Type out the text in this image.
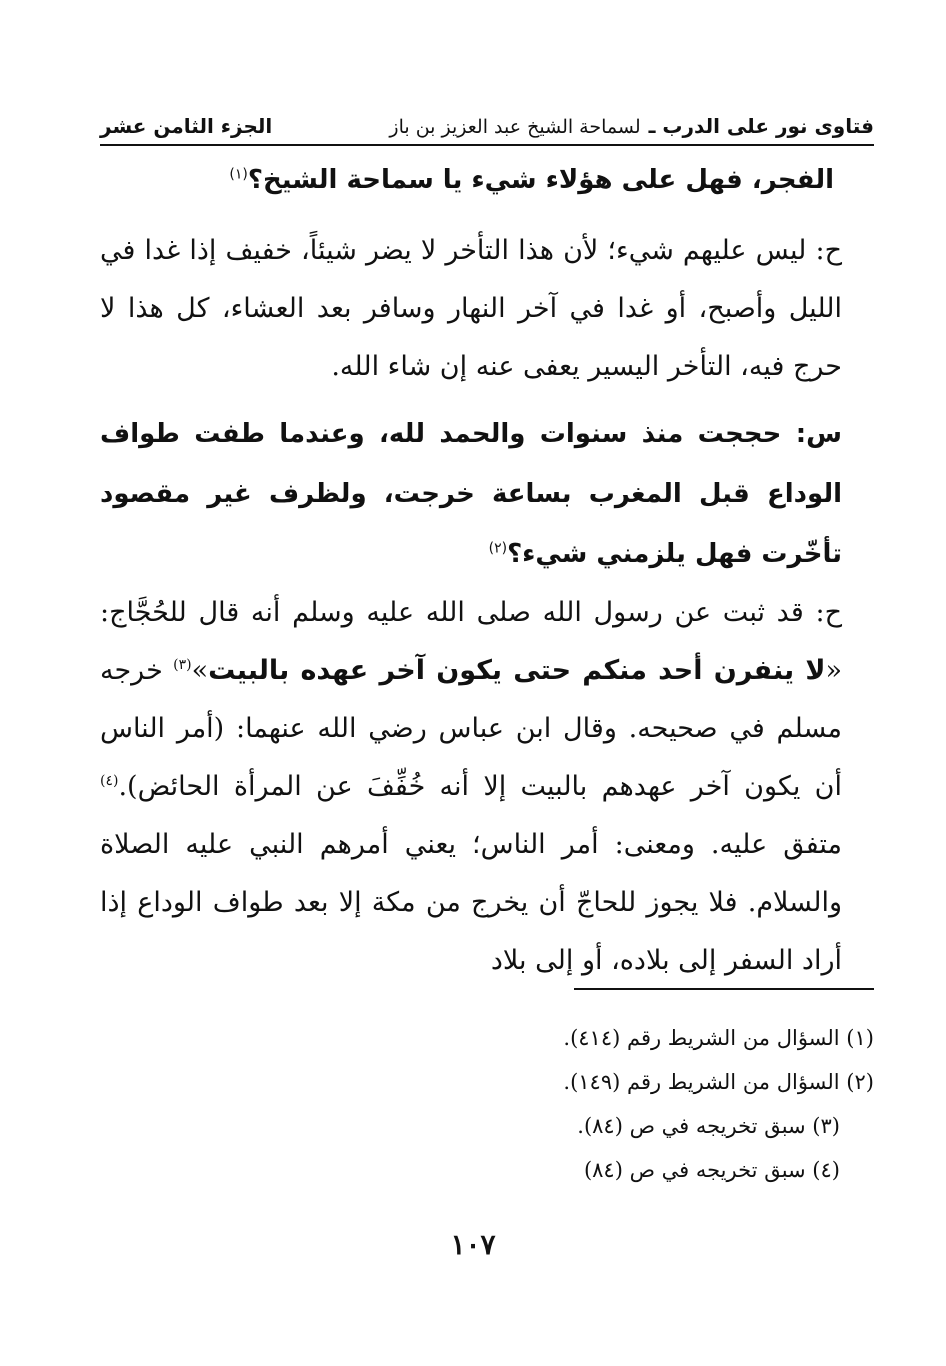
فتاوى نور على الدرب ـ
لسماحة الشيخ عبد العزيز بن باز
الجزء الثامن عشر

الفجر، فهل على هؤلاء شيء يا سماحة الشيخ؟$^{(١)}$

ح: ليس عليهم شيء؛ لأن هذا التأخر لا يضر شيئاً، خفيف إذا غدا في الليل وأصبح، أو غدا في آخر النهار وسافر بعد العشاء، كل هذا لا حرج فيه، التأخر اليسير يعفى عنه إن شاء الله.

س: حججت منذ سنوات والحمد لله، وعندما طفت طواف الوداع قبل المغرب بساعة خرجت، ولظرف غير مقصود تأخّرت فهل يلزمني شيء؟$^{(٢)}$

ح: قد ثبت عن رسول الله صلى الله عليه وسلم أنه قال للحُجَّاج: «لا ينفرن أحد منكم حتى يكون آخر عهده بالبيت»$^{(٣)}$ خرجه مسلم في صحيحه. وقال ابن عباس رضي الله عنهما: (أمر الناس أن يكون آخر عهدهم بالبيت إلا أنه خُفِّفَ عن المرأة الحائض).$^{(٤)}$ متفق عليه. ومعنى: أمر الناس؛ يعني أمرهم النبي عليه الصلاة والسلام. فلا يجوز للحاجّ أن يخرج من مكة إلا بعد طواف الوداع إذا أراد السفر إلى بلاده، أو إلى بلاد

(١) السؤال من الشريط رقم (٤١٤).

(٢) السؤال من الشريط رقم (١٤٩).

(٣) سبق تخريجه في ص (٨٤).

(٤) سبق تخريجه في ص (٨٤)

١٠٧
